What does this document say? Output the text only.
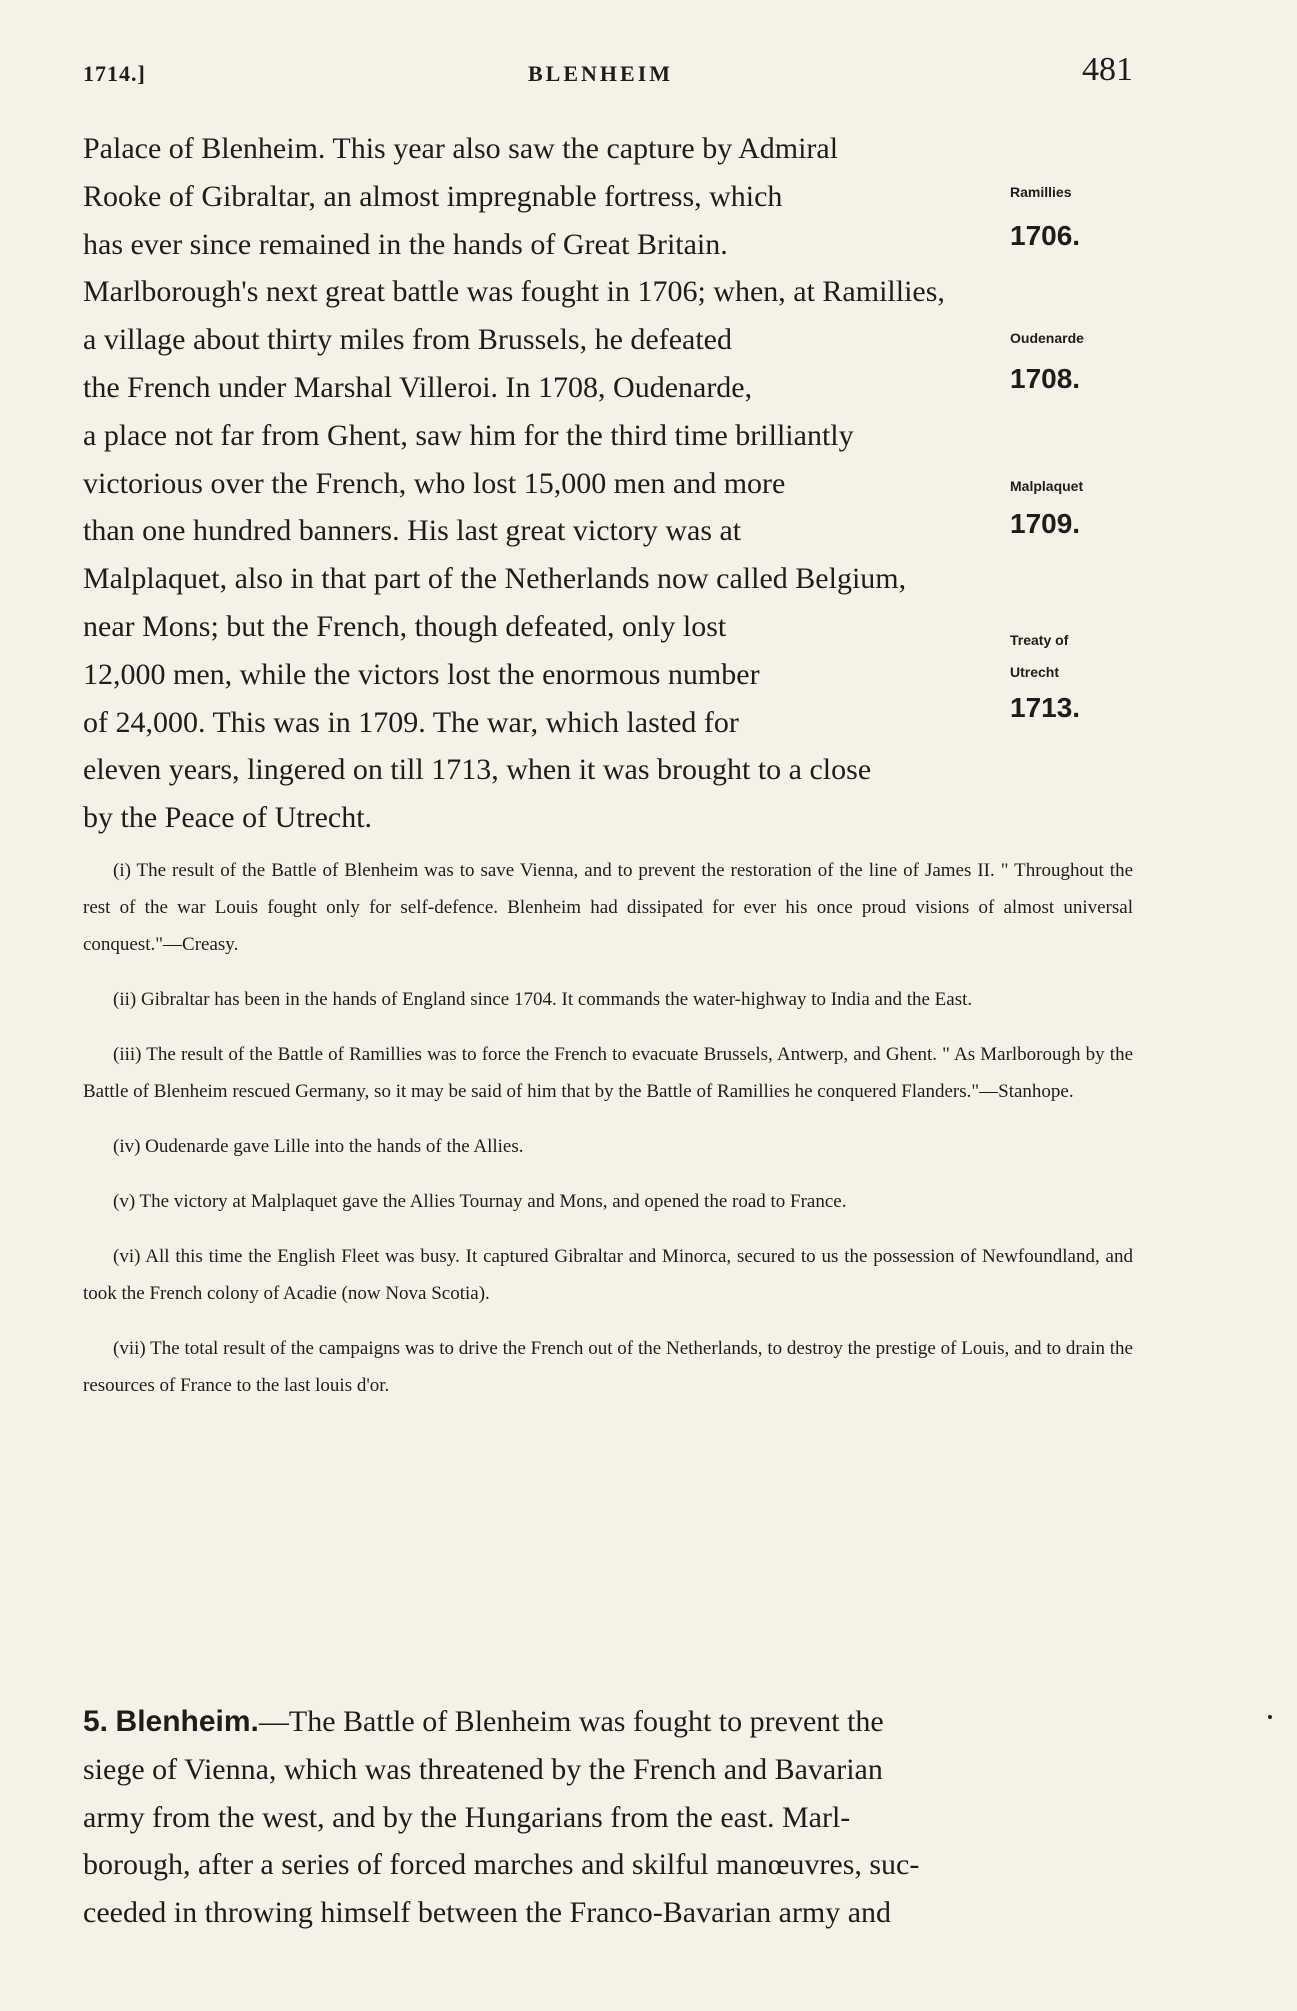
1714.]	BLENHEIM	481
Palace of Blenheim. This year also saw the capture by Admiral
Rooke of Gibraltar, an almost impregnable fortress, which
has ever since remained in the hands of Great Britain.
Marlborough's next great battle was fought in 1706; when, at Ramillies,
a village about thirty miles from Brussels, he defeated
the French under Marshal Villeroi. In 1708, Oudenarde,
a place not far from Ghent, saw him for the third time brilliantly
victorious over the French, who lost 15,000 men and more
than one hundred banners. His last great victory was at
Malplaquet, also in that part of the Netherlands now called Belgium,
near Mons; but the French, though defeated, only lost
12,000 men, while the victors lost the enormous number
of 24,000. This was in 1709. The war, which lasted for
eleven years, lingered on till 1713, when it was brought to a close
by the Peace of Utrecht.
Ramillies
1706.
Oudenarde
1708.
Malplaquet
1709.
Treaty of
Utrecht
1713.

(i) The result of the Battle of Blenheim was to save Vienna, and to prevent the restoration of the line of James II. " Throughout the rest of the war Louis fought only for self-defence. Blenheim had dissipated for ever his once proud visions of almost universal conquest."—Creasy.

(ii) Gibraltar has been in the hands of England since 1704. It commands the water-highway to India and the East.

(iii) The result of the Battle of Ramillies was to force the French to evacuate Brussels, Antwerp, and Ghent. " As Marlborough by the Battle of Blenheim rescued Germany, so it may be said of him that by the Battle of Ramillies he conquered Flanders."—Stanhope.

(iv) Oudenarde gave Lille into the hands of the Allies.

(v) The victory at Malplaquet gave the Allies Tournay and Mons, and opened the road to France.

(vi) All this time the English Fleet was busy. It captured Gibraltar and Minorca, secured to us the possession of Newfoundland, and took the French colony of Acadie (now Nova Scotia).

(vii) The total result of the campaigns was to drive the French out of the Netherlands, to destroy the prestige of Louis, and to drain the resources of France to the last louis d'or.

5. Blenheim.—The Battle of Blenheim was fought to prevent the
siege of Vienna, which was threatened by the French and Bavarian
army from the west, and by the Hungarians from the east. Marl-
borough, after a series of forced marches and skilful manœuvres, suc-
ceeded in throwing himself between the Franco-Bavarian army and
